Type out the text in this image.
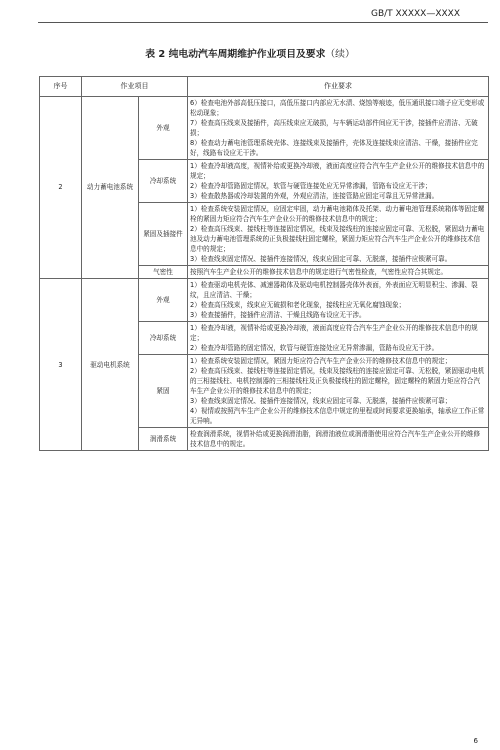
GB/T XXXXX—XXXX
表 2 纯电动汽车周期维护作业项目及要求（续）
序号	作业项目		作业要求
2	动力蓄电池系统	外观	6）检查电池外部高低压接口，高低压接口内部应无水渍、烧蚀等痕迹，低压通讯接口端子应无变形或松动现象；
7）检查高压线束及接插件，高压线束应无破损，与车辆运动部件间应无干涉，接插件应清洁、无破损；
8）检查动力蓄电池管理系统壳体、连接线束及接插件，壳体及连接线束应清洁、干燥，接插件应完好，线路布设应无干涉。

		冷却系统	1）检查冷却液高度，视情补给或更换冷却液，液面高度应符合汽车生产企业公开的维修技术信息中的规定；
2）检查冷却管路固定情况，软管与硬管连接处应无异常渗漏，管路布设应无干涉；
3）检查散热器或冷却装置的外观，外观应清洁，连接管路应固定可靠且无异常泄漏。

		紧固及插接件	1）检查系统安装固定情况，应固定牢固，动力蓄电池箱体及托架、动力蓄电池管理系统箱体等固定螺栓的紧固力矩应符合汽车生产企业公开的维修技术信息中的规定；
2）检查高压线束、接线柱等连接固定情况，线束及接线柱的连接应固定可靠、无松脱，紧固动力蓄电池及动力蓄电池管理系统的正负极接线柱固定螺栓，紧固力矩应符合汽车生产企业公开的维修技术信息中的规定；
3）检查线束固定情况、接插件连接情况，线束应固定可靠、无脱落，接插件应锁紧可靠。

		气密性	按照汽车生产企业公开的维修技术信息中的规定进行气密性检查，气密性应符合其规定。

3	驱动电机系统	外观	1）检查驱动电机壳体、减速器箱体及驱动电机控制器壳体外表面，外表面应无明显积尘、渗漏、裂纹，且应清洁、干燥；
2）检查高压线束，线束应无破损和老化现象，接线柱应无氧化腐蚀现象；
3）检查接插件，接插件应清洁、干燥且线路布设应无干涉。

		冷却系统	1）检查冷却液，视情补给或更换冷却液，液面高度应符合汽车生产企业公开的维修技术信息中的规定；
2）检查冷却管路的固定情况，软管与硬管连接处应无异常渗漏，管路布设应无干涉。

		紧固	1）检查系统安装固定情况，紧固力矩应符合汽车生产企业公开的维修技术信息中的规定；
2）检查高压线束、接线柱等连接固定情况，线束及接线柱的连接应固定可靠、无松脱，紧固驱动电机的三相接线柱、电机控制器的三相接线柱及正负极接线柱的固定螺栓，固定螺栓的紧固力矩应符合汽车生产企业公开的维修技术信息中的规定；
3）检查线束固定情况、接插件连接情况，线束应固定可靠、无脱落，接插件应锁紧可靠；
4）视情或按照汽车生产企业公开的维修技术信息中规定的里程或时间要求更换轴承，轴承应工作正常无异响。

		润滑系统	检查润滑系统，视情补给或更换润滑油脂，润滑油液位或润滑脂使用应符合汽车生产企业公开的维修技术信息中的规定。
6
